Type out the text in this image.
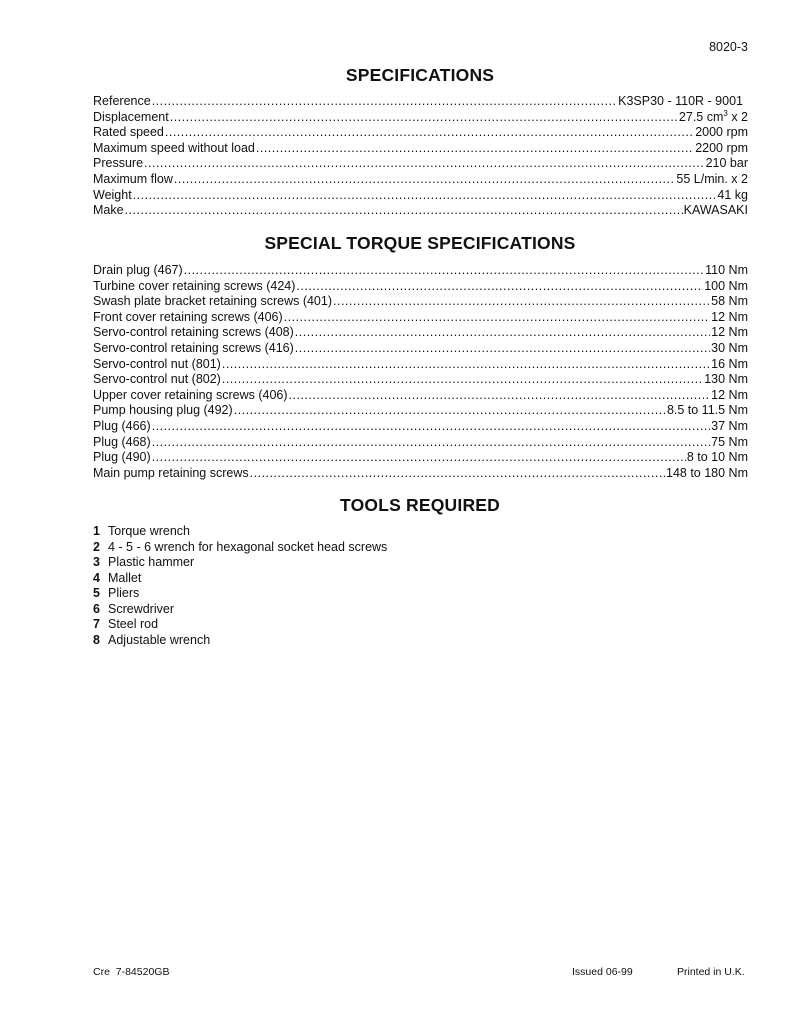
8020-3
SPECIFICATIONS
Reference .....	K3SP30 - 110R - 9001
Displacement .....	27.5 $cm^3$ x 2
Rated speed .....	2000 rpm
Maximum speed without load .....	2200 rpm
Pressure .....	210 bar
Maximum flow .....	55 L/min. x 2
Weight .....	41 kg
Make .....	KAWASAKI
SPECIAL TORQUE SPECIFICATIONS
Drain plug (467) .....	110 Nm
Turbine cover retaining screws (424) .....	100 Nm
Swash plate bracket retaining screws (401) .....	58 Nm
Front cover retaining screws (406) .....	12 Nm
Servo-control retaining screws (408) .....	12 Nm
Servo-control retaining screws (416) .....	30 Nm
Servo-control nut (801) .....	16 Nm
Servo-control nut (802) .....	130 Nm
Upper cover retaining screws (406) .....	12 Nm
Pump housing plug (492) .....	8.5 to 11.5 Nm
Plug (466) .....	37 Nm
Plug (468) .....	75 Nm
Plug (490) .....	8 to 10 Nm
Main pump retaining screws .....	148 to 180 Nm
TOOLS REQUIRED
1 Torque wrench
2 4 - 5 - 6 wrench for hexagonal socket head screws
3 Plastic hammer
4 Mallet
5 Pliers
6 Screwdriver
7 Steel rod
8 Adjustable wrench
Cre  7-84520GB	Issued 06-99	Printed in U.K.
